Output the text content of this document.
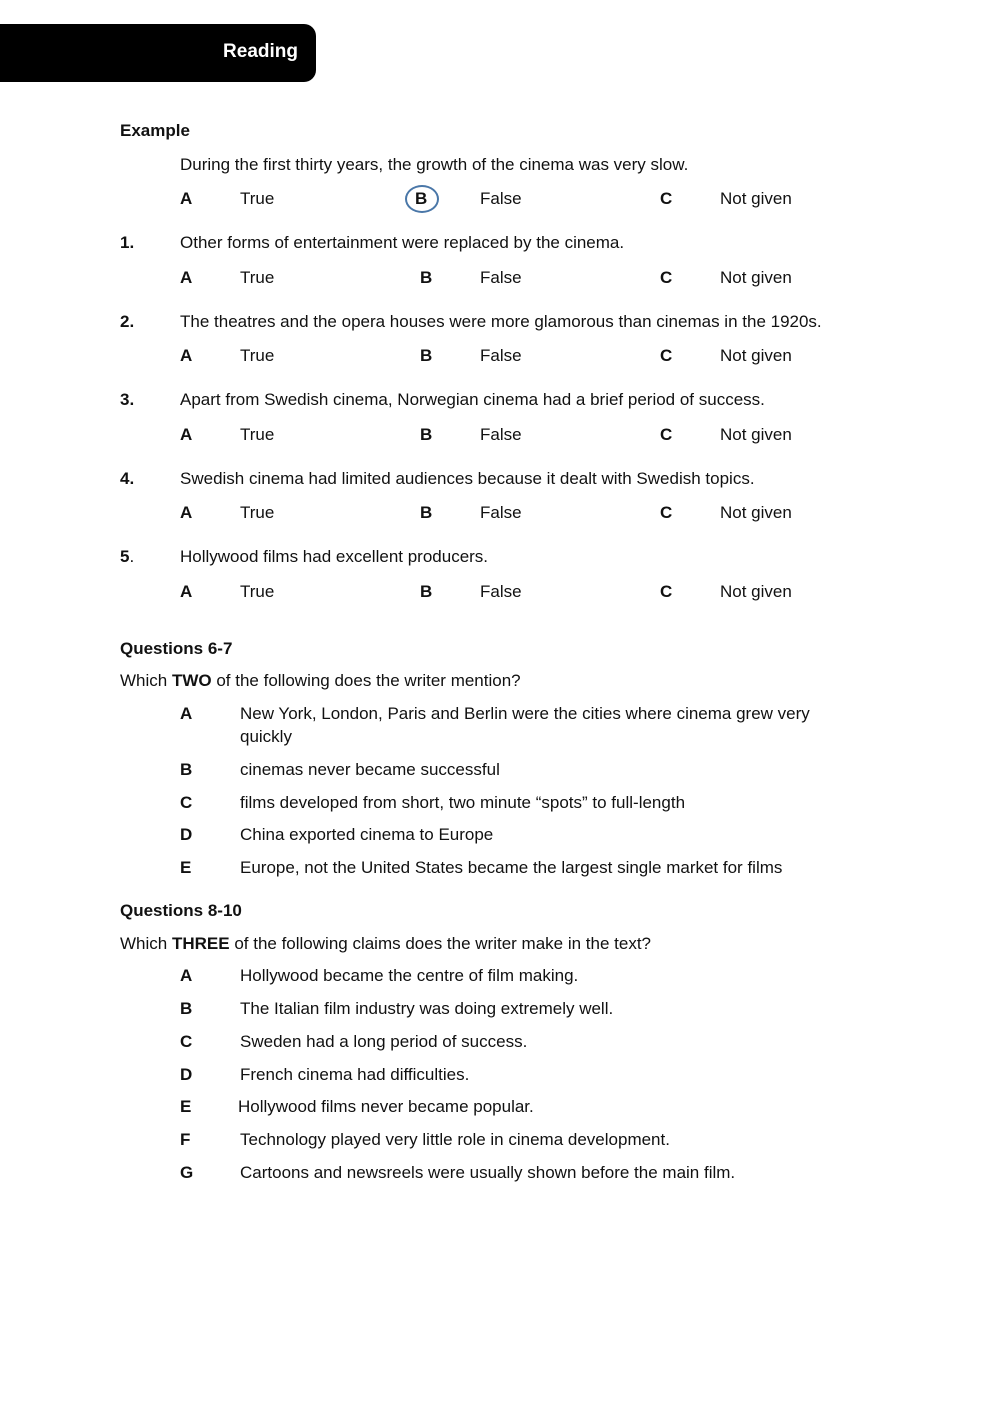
Reading
Example
During the first thirty years, the growth of the cinema was very slow.
A	True	B	False	C	Not given
1.	Other forms of entertainment were replaced by the cinema.
A	True	B	False	C	Not given
2.	The theatres and the opera houses were more glamorous than cinemas in the 1920s.
A	True	B	False	C	Not given
3.	Apart from Swedish cinema, Norwegian cinema had a brief period of success.
A	True	B	False	C	Not given
4.	Swedish cinema had limited audiences because it dealt with Swedish topics.
A	True	B	False	C	Not given
5.	Hollywood films had excellent producers.
A	True	B	False	C	Not given
Questions 6-7
Which TWO of the following does the writer mention?
A	New York, London, Paris and Berlin were the cities where cinema grew very
quickly
B	cinemas never became successful
C	films developed from short, two minute “spots” to full-length
D	China exported cinema to Europe
E	Europe, not the United States became the largest single market for films
Questions 8-10
Which THREE of the following claims does the writer make in the text?
A	Hollywood became the centre of film making.
B	The Italian film industry was doing extremely well.
C	Sweden had a long period of success.
D	French cinema had difficulties.
E	Hollywood films never became popular.
F	Technology played very little role in cinema development.
G	Cartoons and newsreels were usually shown before the main film.
